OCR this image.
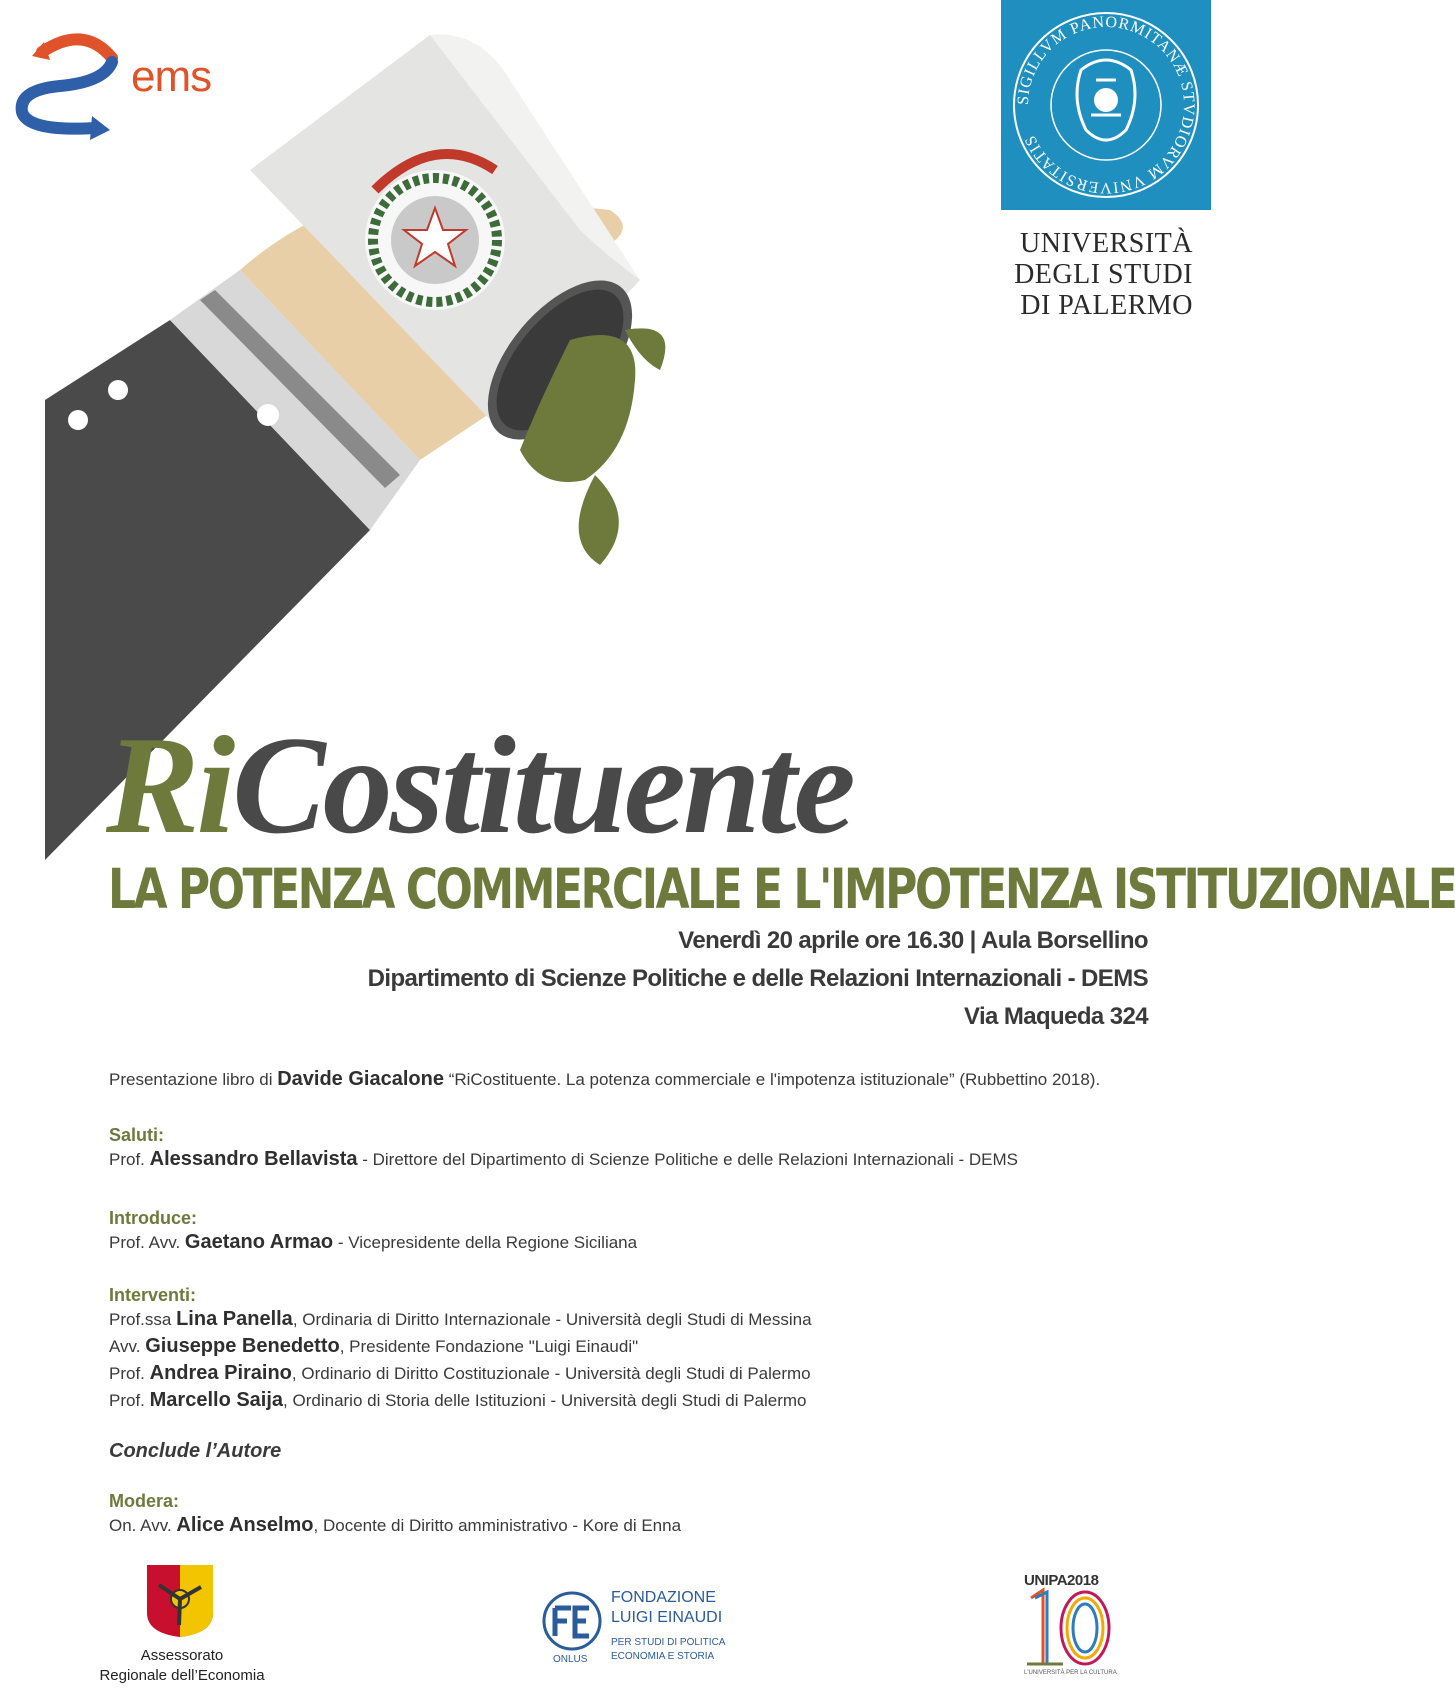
ems	SIGILLVM PANORMITANÆ STVDIORVM VNIVERSITATIS
UNIVERSITÀ
DEGLI STUDI
DI PALERMO
RiCostituente
LA POTENZA COMMERCIALE E L'IMPOTENZA ISTITUZIONALE
Venerdì 20 aprile ore 16.30 | Aula Borsellino
Dipartimento di Scienze Politiche e delle Relazioni Internazionali - DEMS
Via Maqueda 324
Presentazione libro di Davide Giacalone “RiCostituente. La potenza commerciale e l'impotenza istituzionale” (Rubbettino 2018).
Saluti:
Prof. Alessandro Bellavista - Direttore del Dipartimento di Scienze Politiche e delle Relazioni Internazionali - DEMS
Introduce:
Prof. Avv. Gaetano Armao - Vicepresidente della Regione Siciliana
Interventi:
Prof.ssa Lina Panella, Ordinaria di Diritto Internazionale - Università degli Studi di Messina
Avv. Giuseppe Benedetto, Presidente Fondazione "Luigi Einaudi"
Prof. Andrea Piraino, Ordinario di Diritto Costituzionale - Università degli Studi di Palermo
Prof. Marcello Saija, Ordinario di Storia delle Istituzioni - Università degli Studi di Palermo
Conclude l’Autore
Modera:
On. Avv. Alice Anselmo, Docente di Diritto amministrativo - Kore di Enna
Assessorato
Regionale dell’Economia
FONDAZIONE
LUIGI EINAUDI
PER STUDI DI POLITICA
ECONOMIA E STORIA
ONLUS
UNIPA2018
L'UNIVERSITÀ PER LA CULTURA
